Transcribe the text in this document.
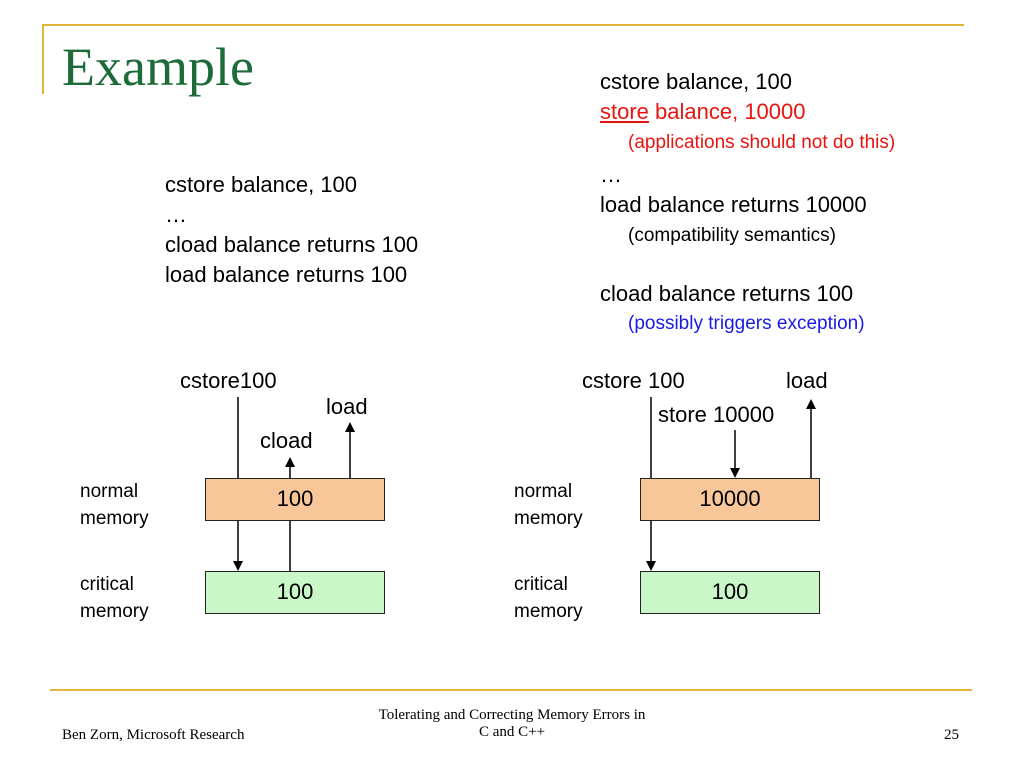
Example
cstore balance, 100
…
cload balance returns 100
load balance returns 100
cstore balance, 100
store balance, 10000
(applications should not do this)
…
load balance returns 10000
(compatibility semantics)
cload balance returns 100
(possibly triggers exception)
cstore100
load
cload
normal memory
critical memory
100
100
cstore 100	load
store 10000
normal memory
critical memory
10000
100
Ben Zorn, Microsoft Research
Tolerating and Correcting Memory Errors in
C and C++	25
